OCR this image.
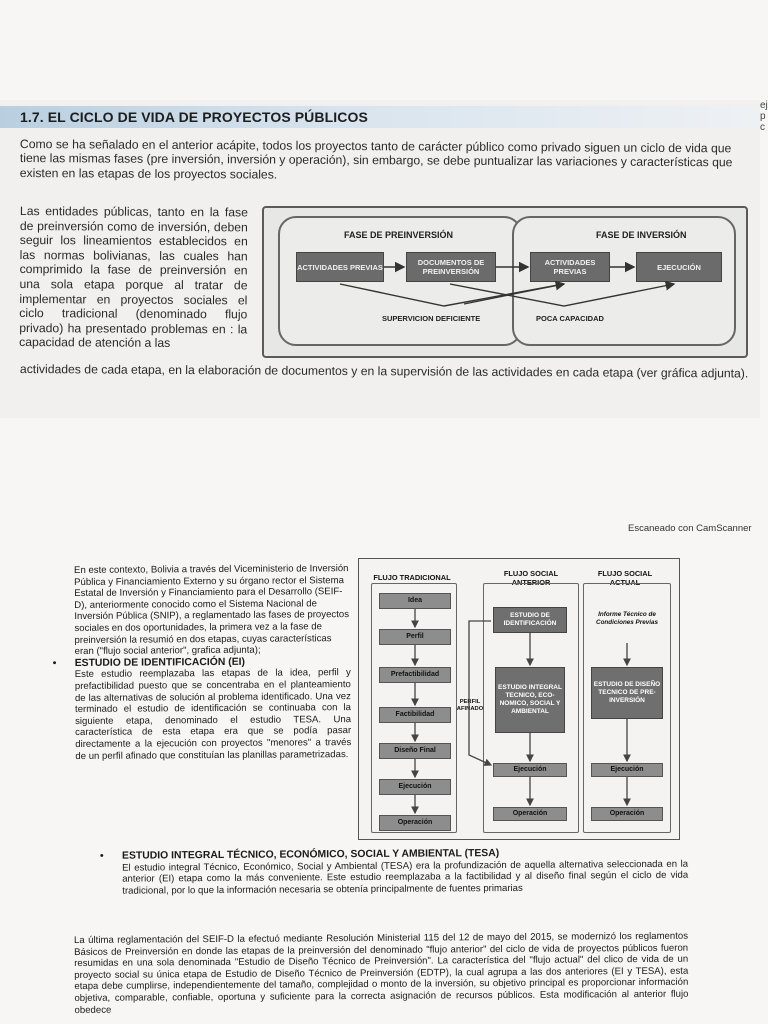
1.7. EL CICLO DE VIDA DE PROYECTOS PÚBLICOS
Como se ha señalado en el anterior acápite, todos los proyectos tanto de carácter público como privado siguen un ciclo de vida que tiene las mismas fases (pre inversión, inversión y operación), sin embargo, se debe puntualizar las variaciones y características que existen en las etapas de los proyectos sociales.
Las entidades públicas, tanto en la fase de preinversión como de inversión, deben seguir los lineamientos establecidos en las normas bolivianas, las cuales han comprimido la fase de preinversión en una sola etapa porque al tratar de implementar en proyectos sociales el ciclo tradicional (denominado flujo privado) ha presentado problemas en : la capacidad de atención a las
actividades de cada etapa, en la elaboración de documentos y en la supervisión de las actividades en cada etapa (ver gráfica adjunta).
ej
p
c
FASE DE PREINVERSIÓN	FASE DE INVERSIÓN
ACTIVIDADES PREVIAS	DOCUMENTOS DE PREINVERSIÓN
ACTIVIDADES PREVIAS	EJECUCIÓN
SUPERVICION DEFICIENTE	POCA CAPACIDAD
Escaneado con CamScanner

En este contexto, Bolivia a través del Viceministerio de Inversión Pública y Financiamiento Externo y su órgano rector el Sistema Estatal de Inversión y Financiamiento para el Desarrollo (SEIF-D), anteriormente conocido como el Sistema Nacional de Inversión Pública (SNIP), a reglamentado las fases de proyectos sociales en dos oportunidades, la primera vez a la fase de preinversión la resumió en dos etapas, cuyas características eran ("flujo social anterior", grafica adjunta);

• ESTUDIO DE IDENTIFICACIÓN (EI)

Este estudio reemplazaba las etapas de la idea, perfil y prefactibilidad puesto que se concentraba en el planteamiento de las alternativas de solución al problema identificado. Una vez terminado el estudio de identificación se continuaba con la siguiente etapa, denominado el estudio TESA. Una característica de esta etapa era que se podía pasar directamente a la ejecución con proyectos "menores" a través de un perfil afinado que constituían las planillas parametrizadas.

• ESTUDIO INTEGRAL TÉCNICO, ECONÓMICO, SOCIAL Y AMBIENTAL (TESA)

El estudio integral Técnico, Económico, Social y Ambiental (TESA) era la profundización de aquella alternativa seleccionada en la anterior (EI) etapa como la más conveniente. Este estudio reemplazaba a la factibilidad y al diseño final según el ciclo de vida tradicional, por lo que la información necesaria se obtenía principalmente de fuentes primarias

La última reglamentación del SEIF-D la efectuó mediante Resolución Ministerial 115 del 12 de mayo del 2015, se modernizó los reglamentos Básicos de Preinversión en donde las etapas de la preinversión del denominado "flujo anterior" del ciclo de vida de proyectos públicos fueron resumidas en una sola denominada "Estudio de Diseño Técnico de Preinversión". La característica del "flujo actual" del clico de vida de un proyecto social su única etapa de Estudio de Diseño Técnico de Preinversión (EDTP), la cual agrupa a las dos anteriores (EI y TESA), esta etapa debe cumplirse, independientemente del tamaño, complejidad o monto de la inversión, su objetivo principal es proporcionar información objetiva, comparable, confiable, oportuna y suficiente para la correcta asignación de recursos públicos. Esta modificación al anterior flujo obedece
FLUJO TRADICIONAL	FLUJO SOCIAL ANTERIOR
FLUJO SOCIAL ACTUAL
Idea
Perfil
Prefactibilidad
Factibilidad
Diseño Final
Ejecución
Operación
PERFIL AFINADO
ESTUDIO DE IDENTIFICACIÓN
ESTUDIO INTEGRAL TECNICO, ECO-NOMICO, SOCIAL Y AMBIENTAL
Ejecución
Operación
Informe Técnico de Condiciones Previas
ESTUDIO DE DISEÑO TECNICO DE PRE-INVERSIÓN
Ejecución
Operación
